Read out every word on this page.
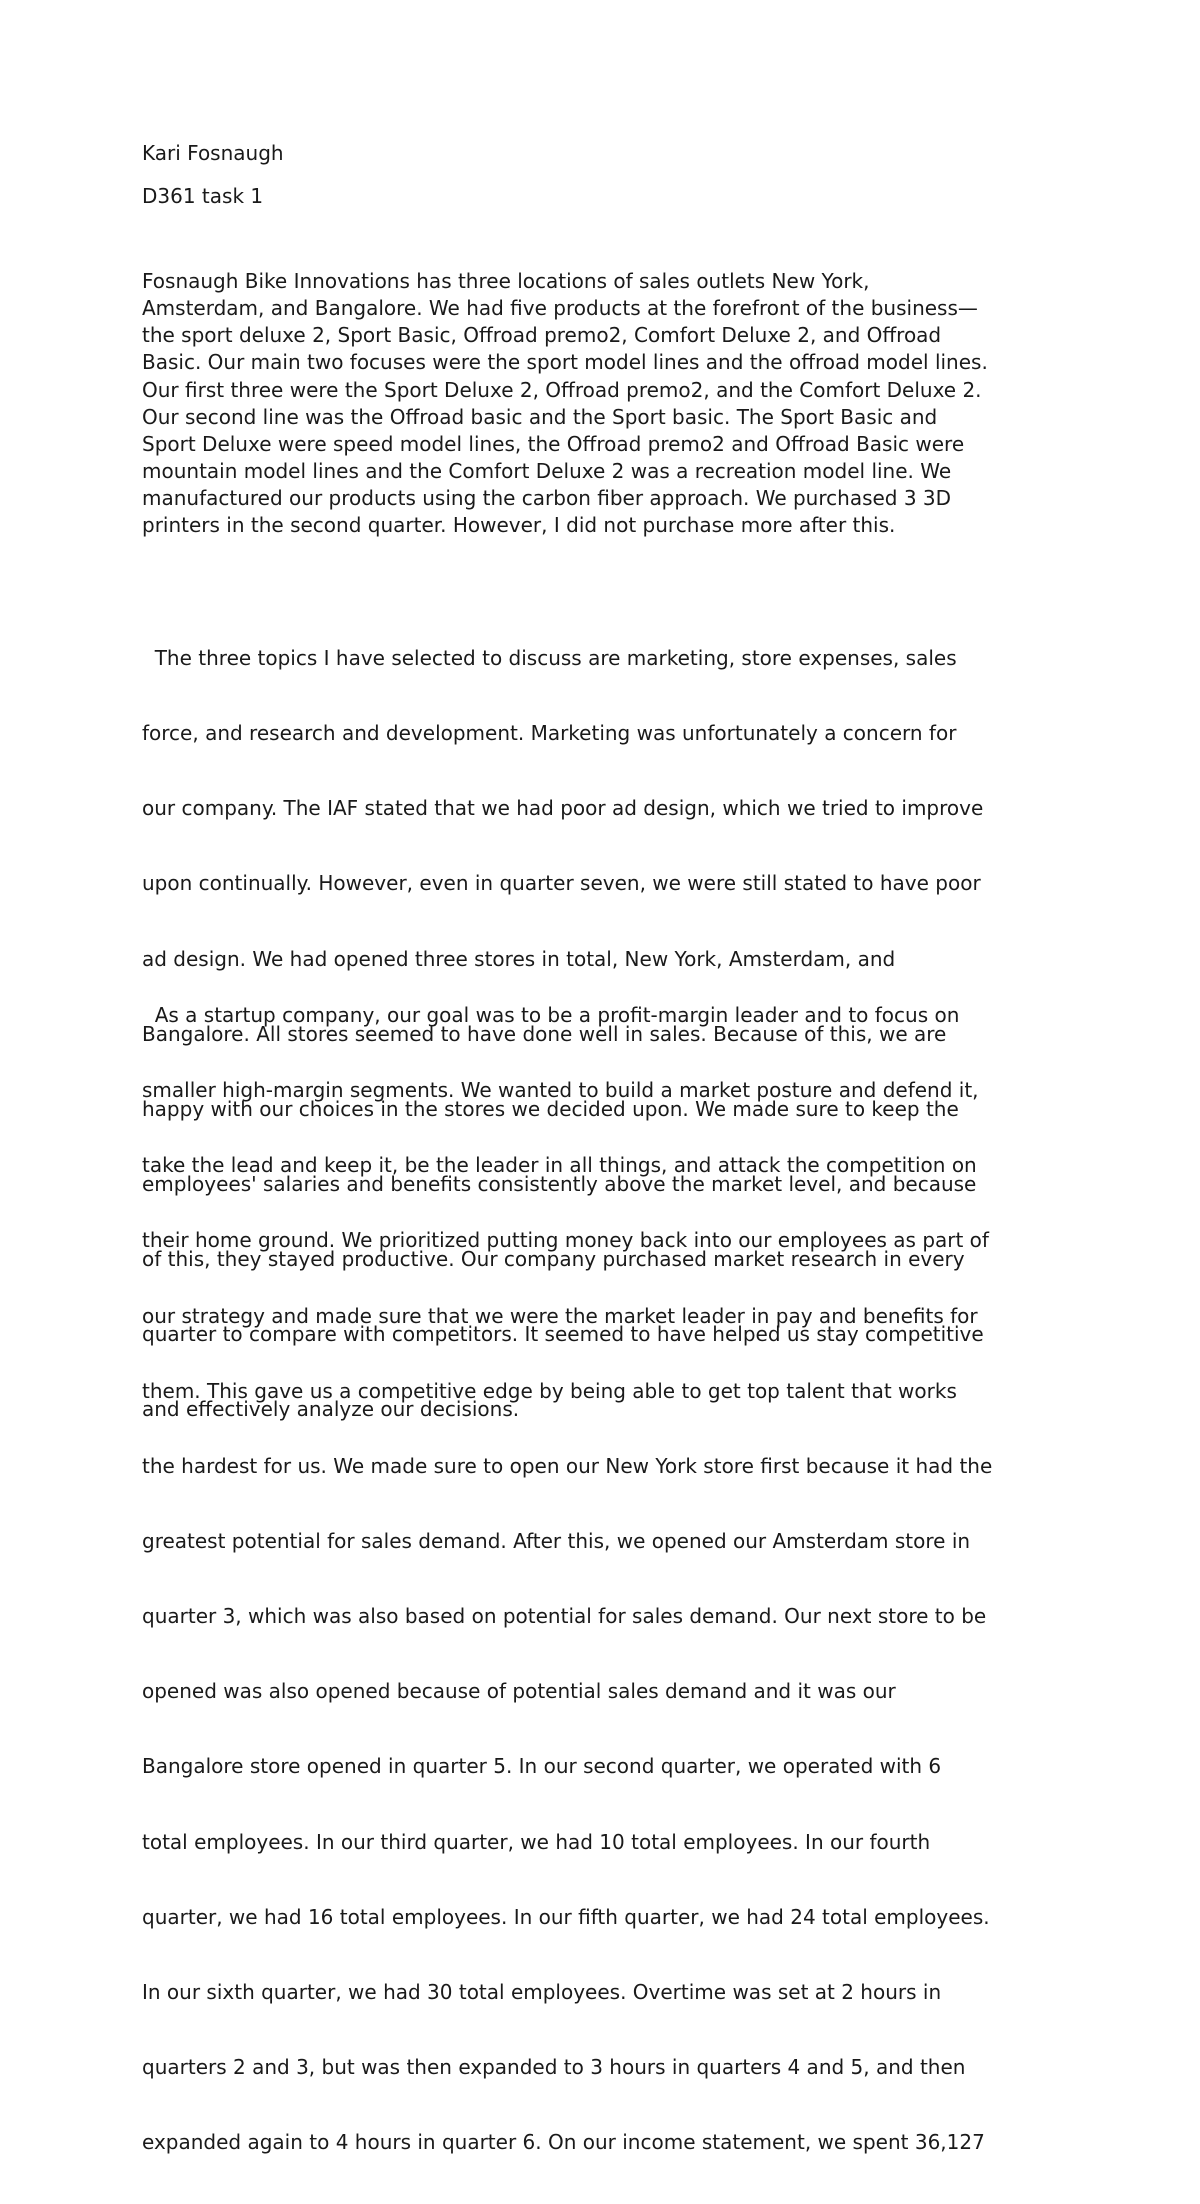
Kari Fosnaugh
D361 task 1
Fosnaugh Bike Innovations has three locations of sales outlets New York,
Amsterdam, and Bangalore. We had five products at the forefront of the business—
the sport deluxe 2, Sport Basic, Offroad premo2, Comfort Deluxe 2, and Offroad
Basic. Our main two focuses were the sport model lines and the offroad model lines.
Our first three were the Sport Deluxe 2, Offroad premo2, and the Comfort Deluxe 2.
Our second line was the Offroad basic and the Sport basic. The Sport Basic and
Sport Deluxe were speed model lines, the Offroad premo2 and Offroad Basic were
mountain model lines and the Comfort Deluxe 2 was a recreation model line. We
manufactured our products using the carbon fiber approach. We purchased 3 3D
printers in the second quarter. However, I did not purchase more after this.

The three topics I have selected to discuss are marketing, store expenses, sales

force, and research and development. Marketing was unfortunately a concern for

our company. The IAF stated that we had poor ad design, which we tried to improve

upon continually. However, even in quarter seven, we were still stated to have poor

ad design. We had opened three stores in total, New York, Amsterdam, and

Bangalore. All stores seemed to have done well in sales. Because of this, we are

happy with our choices in the stores we decided upon. We made sure to keep the

employees' salaries and benefits consistently above the market level, and because

of this, they stayed productive. Our company purchased market research in every

quarter to compare with competitors. It seemed to have helped us stay competitive

and effectively analyze our decisions.

As a startup company, our goal was to be a profit-margin leader and to focus on

smaller high-margin segments. We wanted to build a market posture and defend it,

take the lead and keep it, be the leader in all things, and attack the competition on

their home ground. We prioritized putting money back into our employees as part of

our strategy and made sure that we were the market leader in pay and benefits for

them. This gave us a competitive edge by being able to get top talent that works

the hardest for us. We made sure to open our New York store first because it had the

greatest potential for sales demand. After this, we opened our Amsterdam store in

quarter 3, which was also based on potential for sales demand. Our next store to be

opened was also opened because of potential sales demand and it was our

Bangalore store opened in quarter 5. In our second quarter, we operated with 6

total employees. In our third quarter, we had 10 total employees. In our fourth

quarter, we had 16 total employees. In our fifth quarter, we had 24 total employees.

In our sixth quarter, we had 30 total employees. Overtime was set at 2 hours in

quarters 2 and 3, but was then expanded to 3 hours in quarters 4 and 5, and then

expanded again to 4 hours in quarter 6. On our income statement, we spent 36,127
